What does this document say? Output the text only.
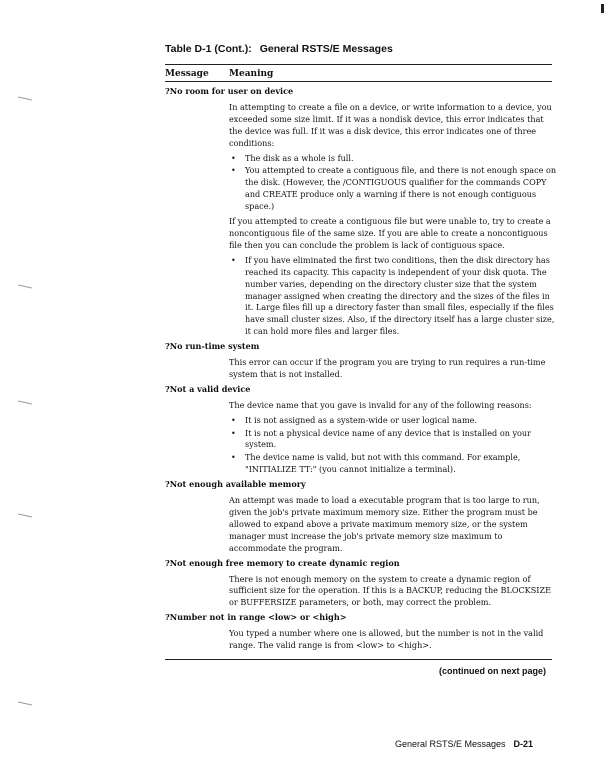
Table D-1 (Cont.): General RSTS/E Messages
Message Meaning
?No room for user on device

In attempting to create a file on a device, or write information to a device, you exceeded some size limit. If it was a nondisk device, this error indicates that the device was full. If it was a disk device, this error indicates one of three conditions:

• The disk as a whole is full.
• You attempted to create a contiguous file, and there is not enough space on the disk. (However, the /CONTIGUOUS qualifier for the commands COPY and CREATE produce only a warning if there is not enough contiguous space.)

If you attempted to create a contiguous file but were unable to, try to create a noncontiguous file of the same size. If you are able to create a noncontiguous file then you can conclude the problem is lack of contiguous space.

• If you have eliminated the first two conditions, then the disk directory has reached its capacity. This capacity is independent of your disk quota. The number varies, depending on the directory cluster size that the system manager assigned when creating the directory and the sizes of the files in it. Large files fill up a directory faster than small files, especially if the files have small cluster sizes. Also, if the directory itself has a large cluster size, it can hold more files and larger files.
?No run-time system

This error can occur if the program you are trying to run requires a run-time system that is not installed.

?Not a valid device

The device name that you gave is invalid for any of the following reasons:

• It is not assigned as a system-wide or user logical name.
• It is not a physical device name of any device that is installed on your system.
• The device name is valid, but not with this command. For example, "INITIALIZE TT:" (you cannot initialize a terminal).
?Not enough available memory

An attempt was made to load a executable program that is too large to run, given the job's private maximum memory size. Either the program must be allowed to expand above a private maximum memory size, or the system manager must increase the job's private memory size maximum to accommodate the program.

?Not enough free memory to create dynamic region

There is not enough memory on the system to create a dynamic region of sufficient size for the operation. If this is a BACKUP, reducing the BLOCKSIZE or BUFFERSIZE parameters, or both, may correct the problem.

?Number not in range <low> or <high>

You typed a number where one is allowed, but the number is not in the valid range. The valid range is from <low> to <high>.

(continued on next page)
General RSTS/E Messages D-21
